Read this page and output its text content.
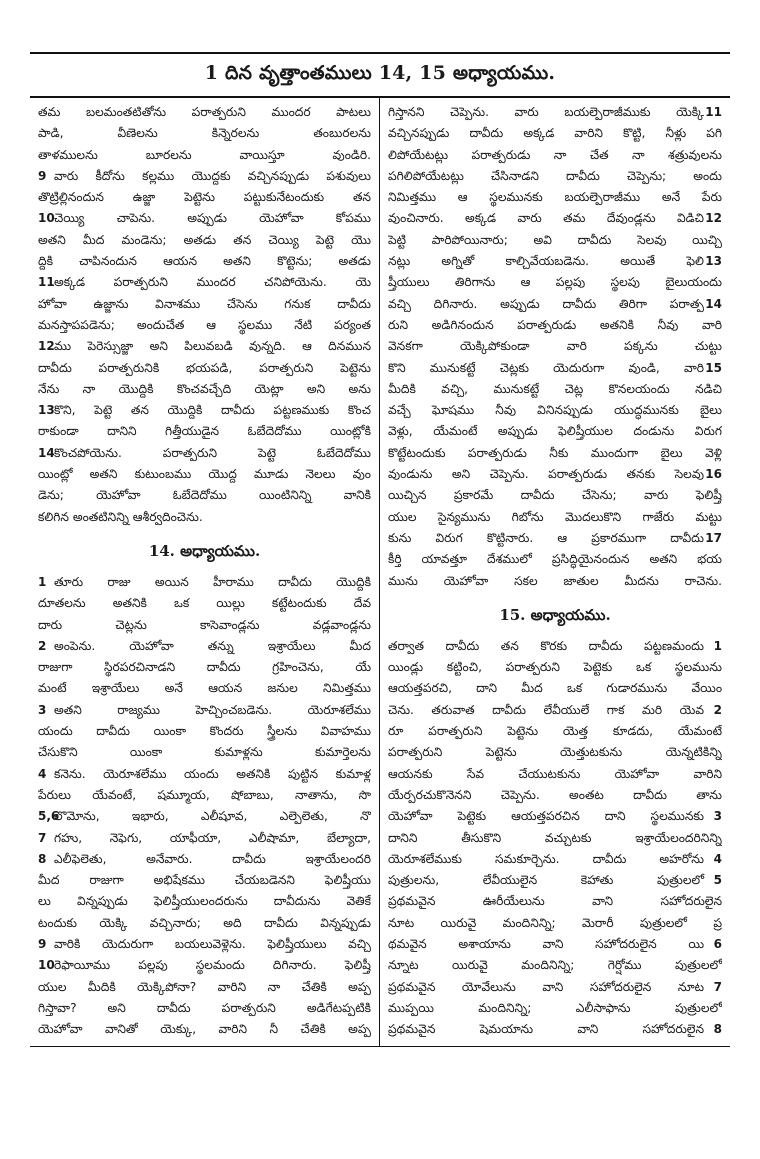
1 దిన వృత్తాంతములు 14, 15 అధ్యాయము.
తమ బలమంతటితోను పరాత్పరుని ముందర పాటలు
పాడి, వీణెలను కిన్నెరలను తంబురలను
తాళములను బూరలను వాయిస్తూ వుండిరి.
9 వారు కీదోను కల్లము యొద్దకు వచ్చినప్పుడు పశువులు
తొట్రిల్లినందున ఉజ్జా పెట్టెను పట్టుకునేటందుకు తన
10 చెయ్యి చాపెను. అప్పుడు యెహోవా కోపము
అతని మీద మండెను; అతడు తన చెయ్యి పెట్టె యొ
ద్దికి చాపినందున ఆయన అతని కొట్టెను; అతడు
11 అక్కడ పరాత్పరుని ముందర చనిపోయెను. యె
హోవా ఉజ్జాను వినాశము చేసెను గనుక దావీదు
మనస్తాపపడెను; అందుచేత ఆ స్థలము నేటి పర్యంత
12 ము పెరెస్సుజ్జా అని పిలువబడి వున్నది. ఆ దినమున
దావీదు పరాత్పరునికి భయపడి, పరాత్పరుని పెట్టెను
నేను నా యొద్దికి కొంచవచ్చేది యెట్లా అని అను
13 కొని, పెట్టె తన యొద్దికి దావీదు పట్టణముకు కొంచ
రాకుండా దానిని గిత్తీయుడైన ఓబేదెదోము యింట్లోకి
14 కొంచపోయెను. పరాత్పరుని పెట్టె ఓబేదెదోము
యింట్లో అతని కుటుంబము యొద్ద మూడు నెలలు వుం
డెను; యెహోవా ఓబేదెదోము యింటినిన్ని వానికి
కలిగిన అంతటినిన్ని ఆశీర్వదించెను.
14. అధ్యాయము.
1 తూరు రాజు అయిన హీరాము దావీదు యొద్దికి
దూతలను అతనికి ఒక యిల్లు కట్టేటందుకు దేవ
దారు చెట్లను కాసెవాండ్లను వడ్లవాండ్లను
2 అంపెను. యెహోవా తన్ను ఇశ్రాయేలు మీద
రాజుగా స్థిరపరచినాడని దావీదు గ్రహించెను, యే
మంటే ఇశ్రాయేలు అనే ఆయన జనుల నిమిత్తము
3 అతని రాజ్యము హెచ్చించబడెను. యెరూశలేము
యందు దావీదు యింకా కొందరు స్త్రీలను వివాహము
చేసుకొని యింకా కుమాళ్లను కుమార్తెలను
4 కనెను. యెరూశలేము యందు అతనికి పుట్టిన కుమాళ్ల
పేరులు యేవంటే, షమ్మూయ, షోబాబు, నాతాను, సొ
5,6
లొమోను, ఇభారు, ఎలీషూవ, ఎల్పెలెతు, నొ
7 గహు, నెఫెగు, యాఫీయా, ఎలీషామా, బేల్యాదా,
8 ఎలీఫెలెతు, అనేవారు. దావీదు ఇశ్రాయేలందరి
మీద రాజుగా అభిషేకము చేయబడెనని ఫెలిష్తీయు
లు విన్నప్పుడు ఫెలిష్తీయులందరును దావీదును వెతికే
టందుకు యెక్కి వచ్చినారు; అది దావీదు విన్నప్పుడు
9 వారికి యెదురుగా బయలువెళ్లెను. ఫెలిష్తీయులు వచ్చి
10 రెఫాయీము పల్లపు స్థలమందు దిగినారు. ఫెలిష్తీ
యుల మీదికి యెక్కిపోనా? వారిని నా చేతికి అప్ప
గిస్తావా? అని దావీదు పరాత్పరుని అడిగేటప్పటికి
యెహోవా వానితో యెక్కు, వారిని నీ చేతికి అప్ప
11
గిస్తానని చెప్పెను. వారు బయల్పెరాజీముకు యెక్కి
వచ్చినప్పుడు దావీదు అక్కడ వారిని కొట్టి, నీళ్లు పగి
లిపోయేటట్లు పరాత్పరుడు నా చేత నా శత్రువులను
పగిలిపోయేటట్లు చేసినాడని దావీదు చెప్పెను; అందు
నిమిత్తము ఆ స్థలమునకు బయల్పెరాజీము అనే పేరు
12
వుంచినారు. అక్కడ వారు తమ దేవుండ్లను విడిచి
పెట్టి పారిపోయినారు; అవి దావీదు సెలవు యిచ్చి
13
నట్లు అగ్నితో కాల్చివేయబడెను. అయితే ఫెలి
ష్తీయులు తిరిగాను ఆ పల్లపు స్థలపు బైలుయందు
14
వచ్చి దిగినారు. అప్పుడు దావీదు తిరిగా పరాత్ప
రుని అడిగినందున పరాత్పరుడు అతనికి నీవు వారి
వెనకగా యెక్కిపోకుండా వారి పక్కను చుట్టు
15
కొని మునుకట్టే చెట్లకు యెదురుగా వుండి, వారి
మీదికి వచ్చి, మునుకట్టే చెట్ల కొనలయందు నడిచి
వచ్చే ఘోషము నీవు వినినప్పుడు యుద్ధమునకు బైలు
వెళ్లు, యేమంటే అప్పుడు ఫెలిష్తీయుల దండును విరుగ
కొట్టేటందుకు పరాత్పరుడు నీకు ముందుగా బైలు వెళ్లి
16
వుండును అని చెప్పెను. పరాత్పరుడు తనకు సెలవు
యిచ్చిన ప్రకారమే దావీదు చేసెను; వారు ఫెలిష్తీ
యుల సైన్యమును గిబోను మొదలుకొని గాజేరు మట్టు
17
కును విరుగ కొట్టినారు. ఆ ప్రకారముగా దావీదు
కీర్తి యావత్తూ దేశములో ప్రసిద్ధియైనందున అతని భయ
మును యెహోవా సకల జాతుల మీదను రాచెను.
15. అధ్యాయము.
1
తర్వాత దావీదు తన కొరకు దావీదు పట్టణమందు
యిండ్లు కట్టించి, పరాత్పరుని పెట్టెకు ఒక స్థలమును
ఆయత్తపరచి, దాని మీద ఒక గుడారమును వేయిం
2
చెను. తరువాత దావీదు లేవీయులే గాక మరి యెవ
రూ పరాత్పరుని పెట్టెను యెత్త కూడదు, యేమంటే
పరాత్పరుని పెట్టెను యెత్తుటకును యెన్నటికిన్ని
ఆయనకు సేవ చేయుటకును యెహోవా వారిని
యేర్పరచుకొనెనని చెప్పెను. అంతట దావీదు తాను
3
యెహోవా పెట్టెకు ఆయత్తపరచిన దాని స్థలమునకు
దానిని తీసుకొని వచ్చుటకు ఇశ్రాయేలందరినిన్ని
4
యెరూశలేముకు సమకూర్చెను. దావీదు అహరోను
5
పుత్రులను, లేవీయులైన కెహాతు పుత్రులలో
ప్రథమవైన ఊరీయేలును వాని సహోదరులైన
నూట యిరువై మందినిన్ని; మెరారీ పుత్రులలో ప్ర
6
థమవైన అశాయాను వాని సహోదరులైన యి
న్నూట యిరువై మందినిన్ని; గెర్షోము పుత్రులలో
7
ప్రథమవైన యోవేలును వాని సహోదరులైన నూట
ముప్పయి మందినిన్ని; ఎలీసాఫాను పుత్రులలో
8
ప్రథమవైన షెమయాను వాని సహోదరులైన
